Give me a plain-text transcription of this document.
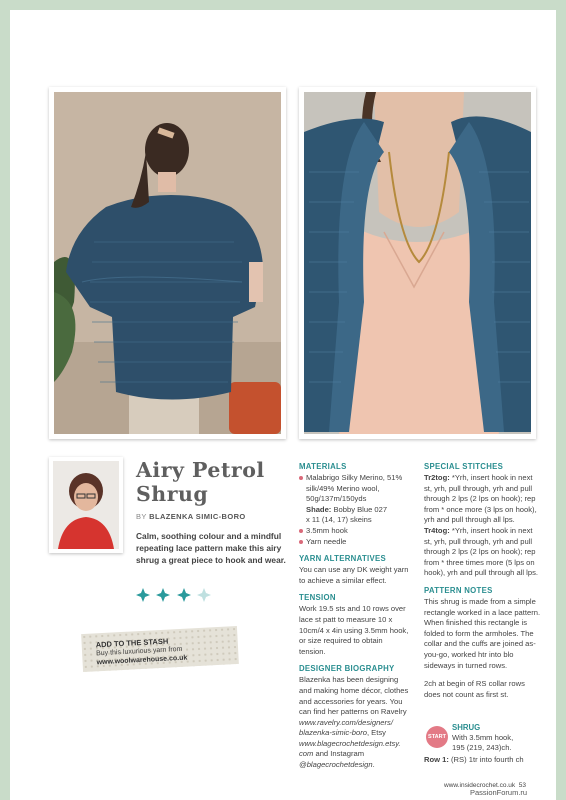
Airy Petrol
Shrug
BY BLAZENKA SIMIC-BORO
Calm, soothing colour and a mindful repeating lace pattern make this airy shrug a great piece to hook and wear.

ADD TO THE STASH
Buy this luxurious yarn from
www.woolwarehouse.co.uk
MATERIALS
Malabrigo Silky Merino, 51% silk/49% Merino wool, 50g/137m/150yds
Shade: Bobby Blue 027
x 11 (14, 17) skeins
3.5mm hook
Yarn needle
YARN ALTERNATIVES

You can use any DK weight yarn to achieve a similar effect.

TENSION

Work 19.5 sts and 10 rows over lace st patt to measure 10 x 10cm/4 x 4in using 3.5mm hook, or size required to obtain tension.

DESIGNER BIOGRAPHY

Blazenka has been designing and making home décor, clothes and accessories for years. You can find her patterns on Ravelry www.ravelry.com/designers/ blazenka-simic-boro, Etsy www.blagecrochetdesign.etsy. com and Instagram @blagecrochetdesign.

SPECIAL STITCHES

Tr2tog: *Yrh, insert hook in next st, yrh, pull through, yrh and pull through 2 lps (2 lps on hook); rep from * once more (3 lps on hook), yrh and pull through all lps.

Tr4tog: *Yrh, insert hook in next st, yrh, pull through, yrh and pull through 2 lps (2 lps on hook); rep from * three times more (5 lps on hook), yrh and pull through all lps.

PATTERN NOTES

This shrug is made from a simple rectangle worked in a lace pattern. When finished this rectangle is folded to form the armholes. The collar and the cuffs are joined as-you-go, worked htr into blo sideways in turned rows.

2ch at begin of RS collar rows does not count as first st.

START
SHRUG
With 3.5mm hook,
195 (219, 243)ch.
Row 1: (RS) 1tr into fourth ch
www.insidecrochet.co.uk 53
PassionForum.ru
